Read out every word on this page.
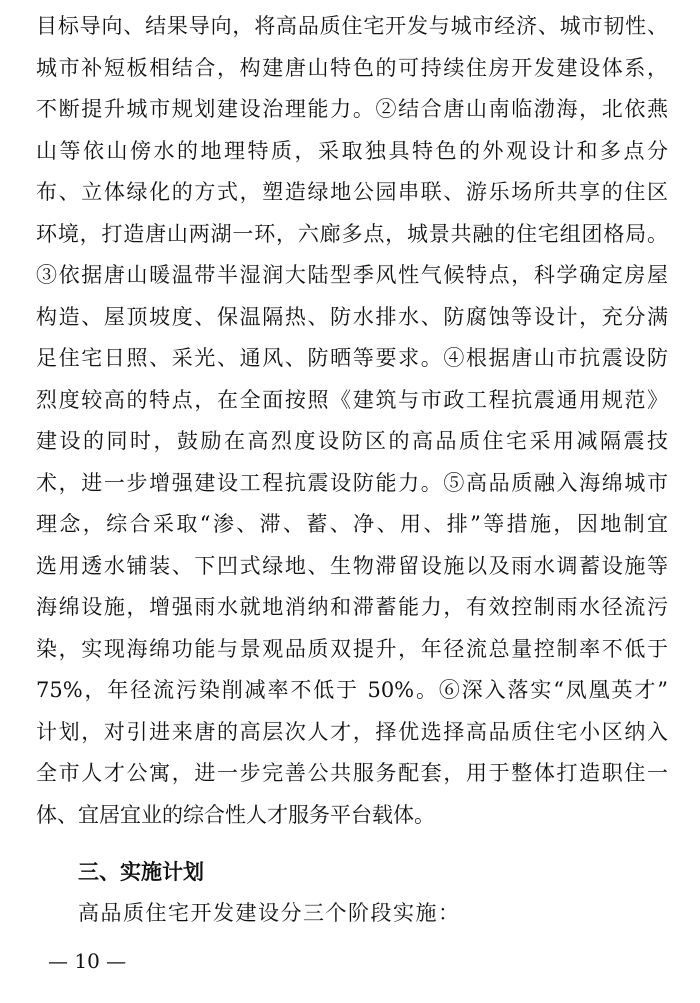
目标导向、结果导向，将高品质住宅开发与城市经济、城市韧性、
城市补短板相结合，构建唐山特色的可持续住房开发建设体系，
不断提升城市规划建设治理能力。②结合唐山南临渤海，北依燕
山等依山傍水的地理特质，采取独具特色的外观设计和多点分
布、立体绿化的方式，塑造绿地公园串联、游乐场所共享的住区
环境，打造唐山两湖一环，六廊多点，城景共融的住宅组团格局。
③依据唐山暖温带半湿润大陆型季风性气候特点，科学确定房屋
构造、屋顶坡度、保温隔热、防水排水、防腐蚀等设计，充分满
足住宅日照、采光、通风、防晒等要求。④根据唐山市抗震设防
烈度较高的特点，在全面按照《建筑与市政工程抗震通用规范》
建设的同时，鼓励在高烈度设防区的高品质住宅采用减隔震技
术，进一步增强建设工程抗震设防能力。⑤高品质融入海绵城市
理念，综合采取“渗、滞、蓄、净、用、排”等措施，因地制宜
选用透水铺装、下凹式绿地、生物滞留设施以及雨水调蓄设施等
海绵设施，增强雨水就地消纳和滞蓄能力，有效控制雨水径流污
染，实现海绵功能与景观品质双提升，年径流总量控制率不低于
75%，年径流污染削减率不低于 50%。⑥深入落实“凤凰英才”
计划，对引进来唐的高层次人才，择优选择高品质住宅小区纳入
全市人才公寓，进一步完善公共服务配套，用于整体打造职住一
体、宜居宜业的综合性人才服务平台载体。
三、实施计划
高品质住宅开发建设分三个阶段实施：
— 10 —
